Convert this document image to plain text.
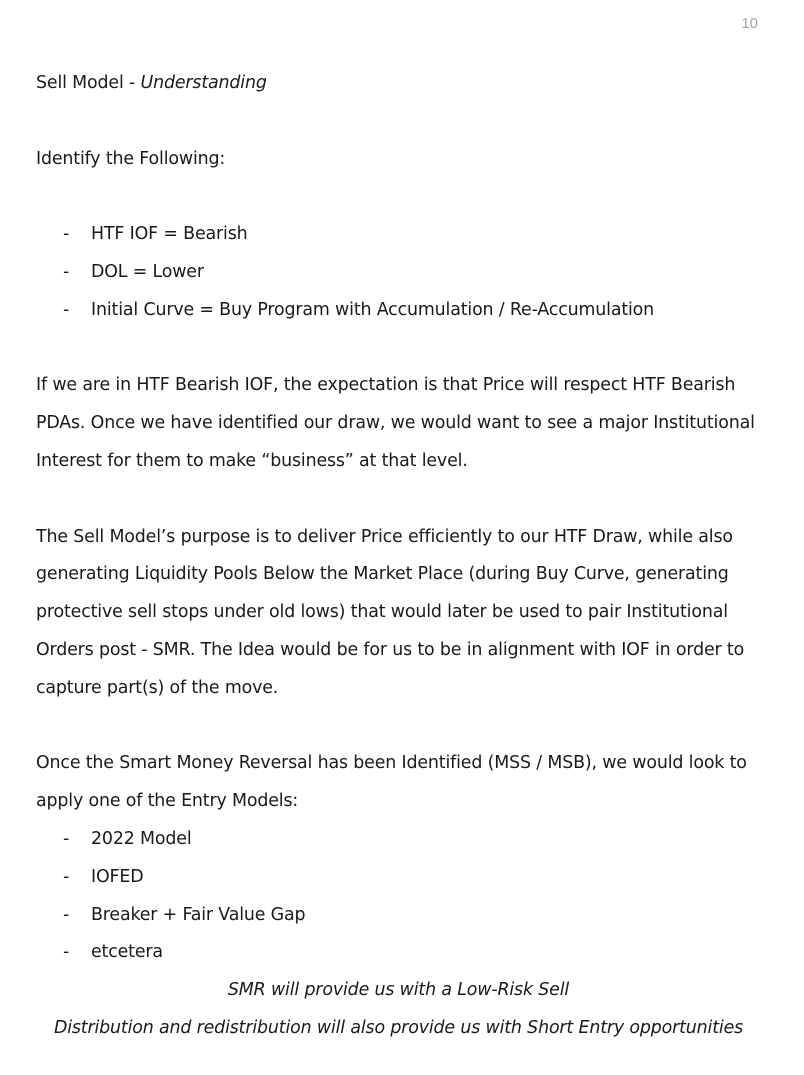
10
Sell Model - Understanding

Identify the Following:

- HTF IOF = Bearish
- DOL = Lower
- Initial Curve = Buy Program with Accumulation / Re-Accumulation

If we are in HTF Bearish IOF, the expectation is that Price will respect HTF Bearish PDAs. Once we have identified our draw, we would want to see a major Institutional Interest for them to make “business” at that level.

The Sell Model’s purpose is to deliver Price efficiently to our HTF Draw, while also generating Liquidity Pools Below the Market Place (during Buy Curve, generating protective sell stops under old lows) that would later be used to pair Institutional Orders post - SMR. The Idea would be for us to be in alignment with IOF in order to capture part(s) of the move.

Once the Smart Money Reversal has been Identified (MSS / MSB), we would look to apply one of the Entry Models:

- 2022 Model
- IOFED
- Breaker + Fair Value Gap
- etcetera

SMR will provide us with a Low-Risk Sell

Distribution and redistribution will also provide us with Short Entry opportunities
